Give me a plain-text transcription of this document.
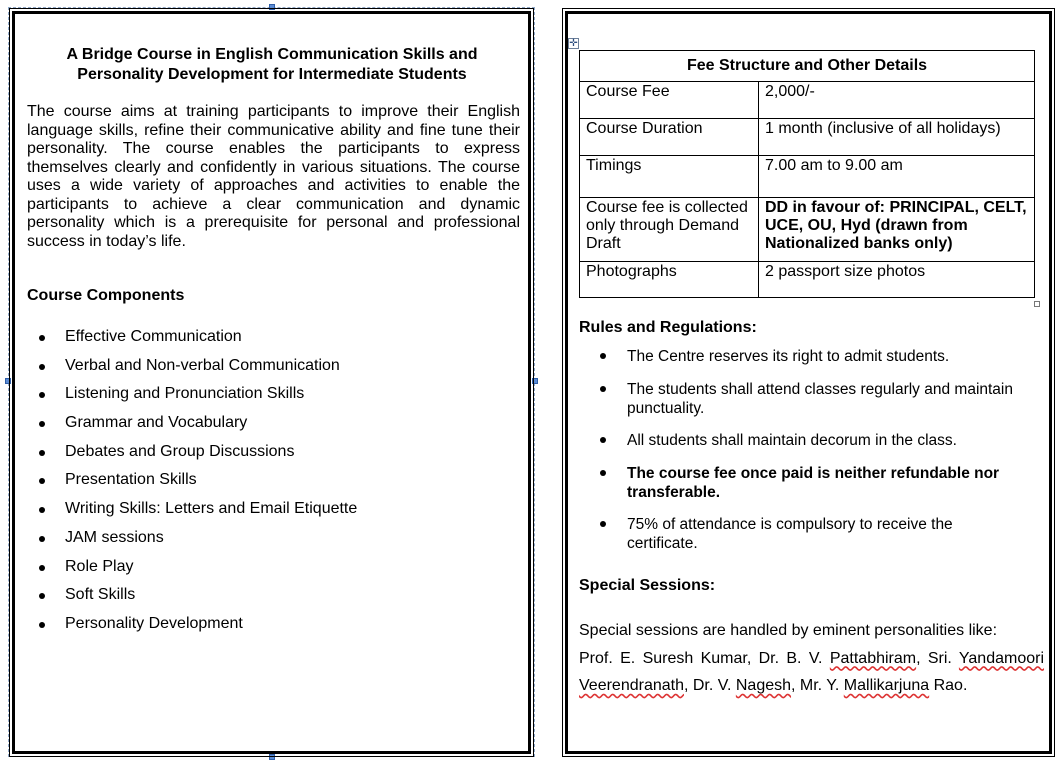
A Bridge Course in English Communication Skills and Personality Development for Intermediate Students

The course aims at training participants to improve their English language skills, refine their communicative ability and fine tune their personality. The course enables the participants to express themselves clearly and confidently in various situations. The course uses a wide variety of approaches and activities to enable the participants to achieve a clear communication and dynamic personality which is a prerequisite for personal and professional success in today’s life.

Course Components
Effective Communication
Verbal and Non-verbal Communication
Listening and Pronunciation Skills
Grammar and Vocabulary
Debates and Group Discussions
Presentation Skills
Writing Skills: Letters and Email Etiquette
JAM sessions
Role Play
Soft Skills
Personality Development
✛
Fee Structure and Other Details	
Course Fee	2,000/-
Course Duration	1 month (inclusive of all holidays)
Timings	7.00 am to 9.00 am
Course fee is collected only through Demand Draft	DD in favour of: PRINCIPAL, CELT, UCE, OU, Hyd (drawn from Nationalized banks only)
Photographs	2 passport size photos
Rules and Regulations:
The Centre reserves its right to admit students.
The students shall attend classes regularly and maintain punctuality.
All students shall maintain decorum in the class.
The course fee once paid is neither refundable nor transferable.
75% of attendance is compulsory to receive the certificate.
Special Sessions:

Special sessions are handled by eminent personalities like:
Prof. E. Suresh Kumar, Dr. B. V. Pattabhiram, Sri. Yandamoori Veerendranath, Dr. V. Nagesh, Mr. Y. Mallikarjuna Rao.
